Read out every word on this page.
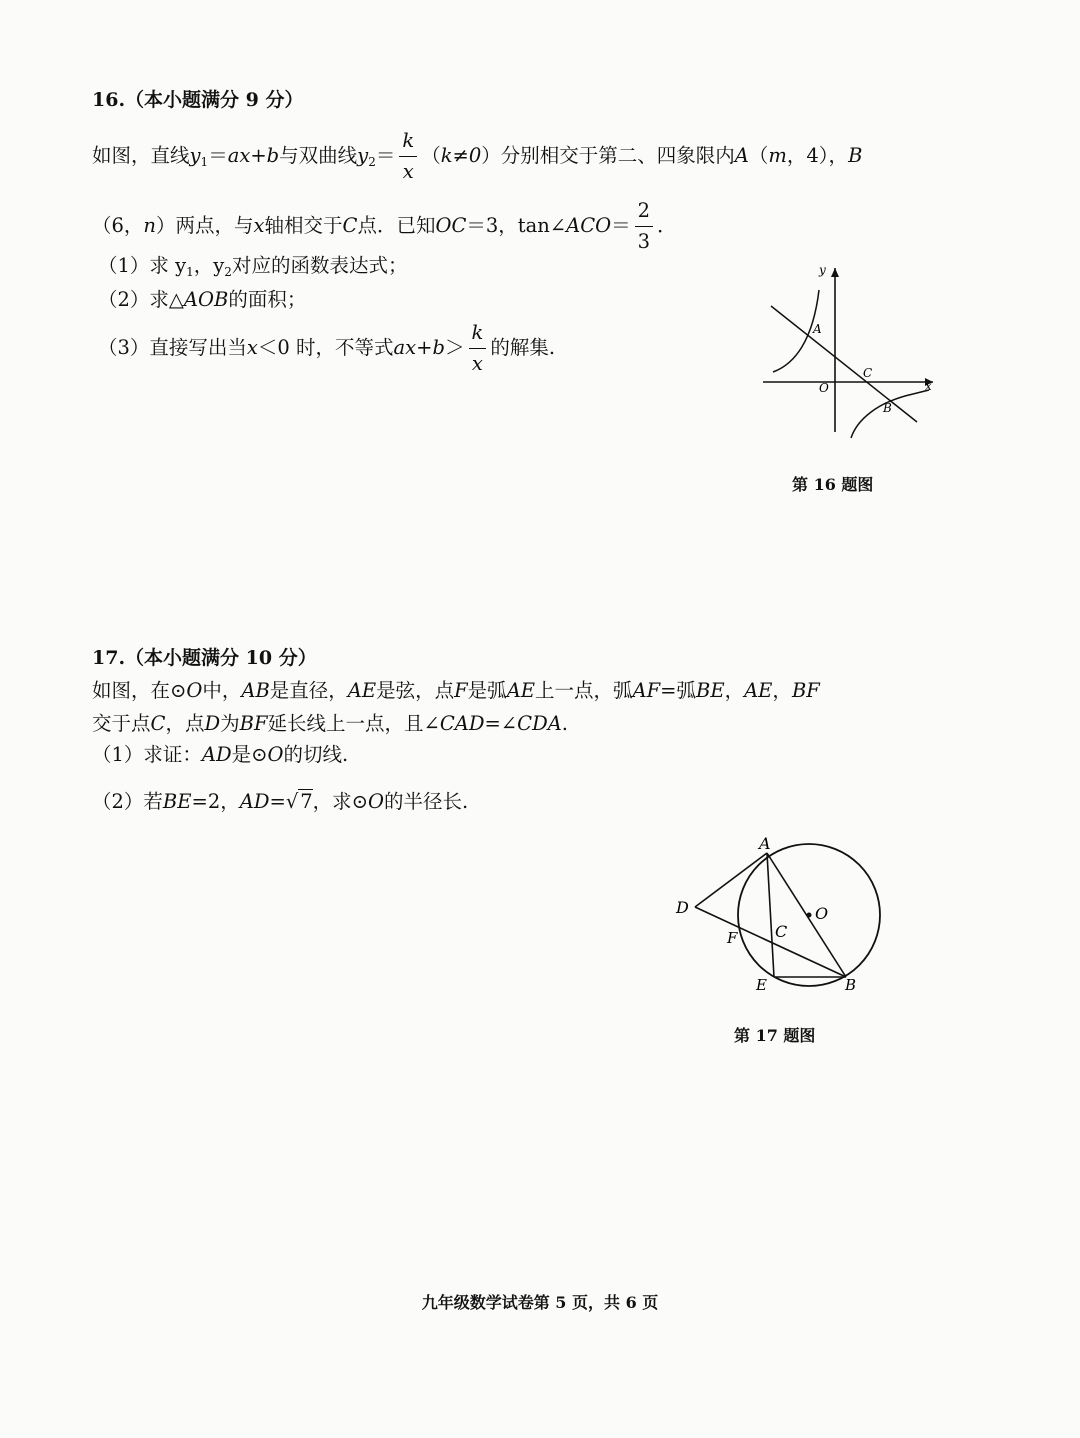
16.（本小题满分 9 分）
如图，直线$y_1=ax+b$与双曲线$y_2= \frac{k}{x} (k\ne 0)$分别相交于第二、四象限内A（m，4），B
（6，n）两点，与x轴相交于C点．已知OC＝3，tan∠ACO＝ $\frac{2}{3}$ ．
（1）求 $y_1$，$y_2$对应的函数表达式；
（2）求△AOB的面积；
（3）直接写出当x＜0 时，不等式$ax+b> \frac{k}{x}$ 的解集.
A
C
O
B
y
x
第 16 题图
17.（本小题满分 10 分）
如图，在⊙O中，AB是直径，AE是弦，点F是弧AE上一点，弧AF=弧BE，AE，BF
交于点C，点D为BF延长线上一点，且∠CAD=∠CDA.
（1）求证：AD是⊙O的切线.
（2）若BE=2，AD=√ 7，求⊙O的半径长.
A
D	O
F C
E	B
第 17 题图
九年级数学试卷第 5 页，共 6 页
